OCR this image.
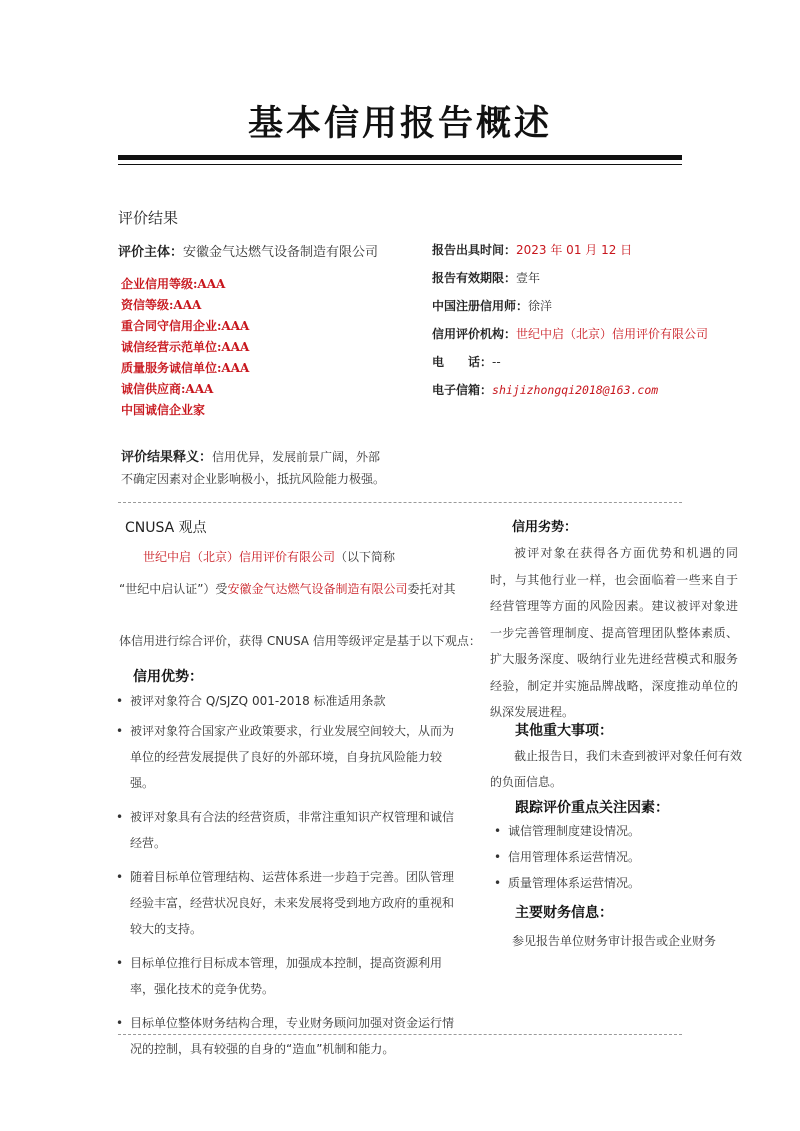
基本信用报告概述
评价结果
评价主体：安徽金气达燃气设备制造有限公司
企业信用等级:AAA
资信等级:AAA
重合同守信用企业:AAA
诚信经营示范单位:AAA
质量服务诚信单位:AAA
诚信供应商:AAA
中国诚信企业家
报告出具时间：2023 年 01 月 12 日
报告有效期限：壹年
中国注册信用师：徐洋
信用评价机构：世纪中启（北京）信用评价有限公司
电　　话：--
电子信箱：shijizhongqi2018@163.com
评价结果释义：信用优异，发展前景广阔，外部
不确定因素对企业影响极小，抵抗风险能力极强。
CNUSA 观点
世纪中启（北京）信用评价有限公司（以下简称
“世纪中启认证”）受安徽金气达燃气设备制造有限公司委托对其
体信用进行综合评价，获得 CNUSA 信用等级评定是基于以下观点：
信用优势：
• 被评对象符合 Q/SJZQ 001-2018 标准适用条款
• 被评对象符合国家产业政策要求，行业发展空间较大，从而为单位的经营发展提供了良好的外部环境，自身抗风险能力较强。
• 被评对象具有合法的经营资质，非常注重知识产权管理和诚信经营。
• 随着目标单位管理结构、运营体系进一步趋于完善。团队管理经验丰富，经营状况良好，未来发展将受到地方政府的重视和较大的支持。
• 目标单位推行目标成本管理，加强成本控制，提高资源利用率，强化技术的竞争优势。
• 目标单位整体财务结构合理，专业财务顾问加强对资金运行情况的控制，具有较强的自身的“造血”机制和能力。
信用劣势：
被评对象在获得各方面优势和机遇的同时，与其他行业一样，也会面临着一些来自于经营管理等方面的风险因素。建议被评对象进一步完善管理制度、提高管理团队整体素质、扩大服务深度、吸纳行业先进经营模式和服务经验，制定并实施品牌战略，深度推动单位的纵深发展进程。
其他重大事项：
截止报告日，我们未查到被评对象任何有效的负面信息。
跟踪评价重点关注因素：
• 诚信管理制度建设情况。
• 信用管理体系运营情况。
• 质量管理体系运营情况。
主要财务信息：
参见报告单位财务审计报告或企业财务
